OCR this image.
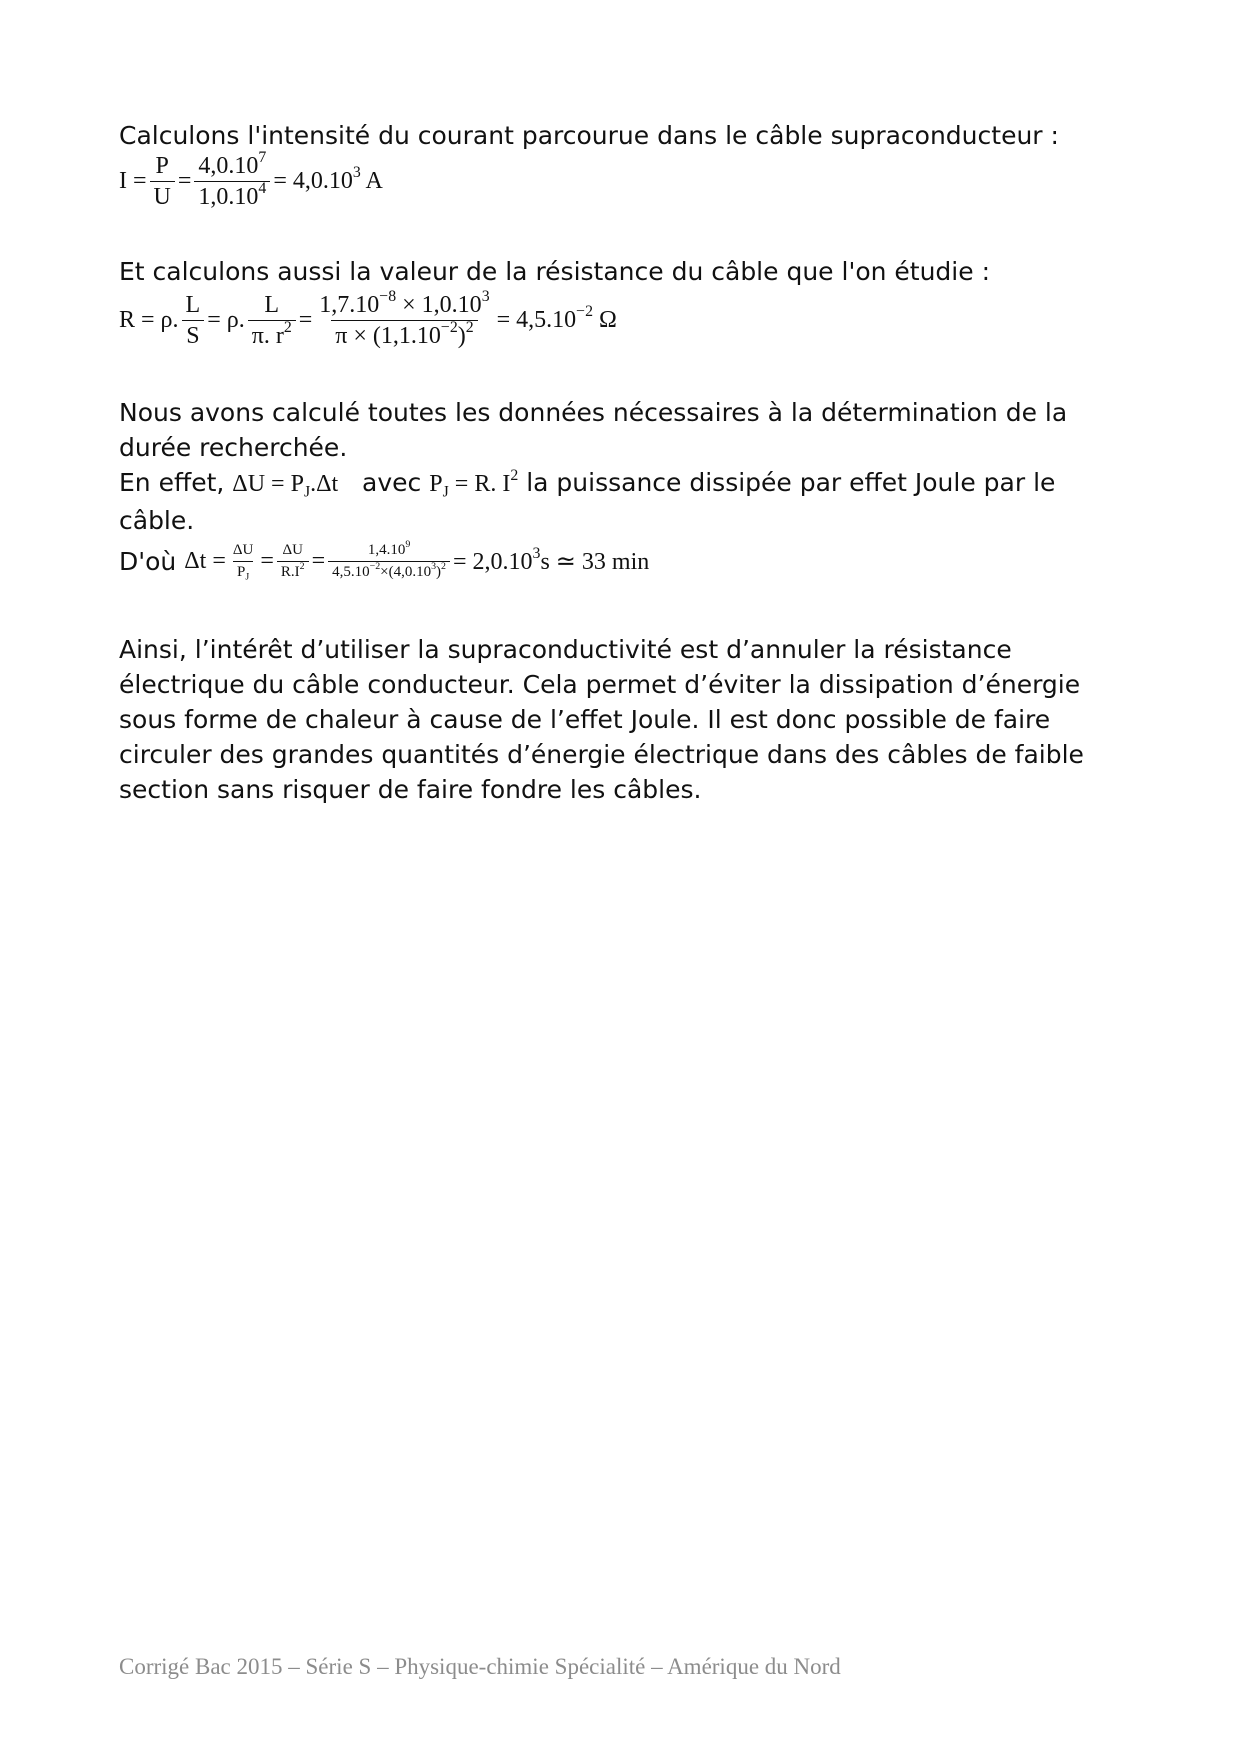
Calculons l'intensité du courant parcourue dans le câble supraconducteur :
$I = \frac{P}{U} = \frac{4,0.10^7}{1,0.10^4} = 4,0.10^3$ A
Et calculons aussi la valeur de la résistance du câble que l'on étudie :
R = ρ. $\frac{L}{S} = \rho$. $\frac{L}{\pi. r^2} = \frac{1,7.10^{-8} \times 1,0.10^3}{\pi \times (1,1.10^{-2})^2} = 4,5.10^{-2}$ Ω
Nous avons calculé toutes les données nécessaires à la détermination de la
durée recherchée.
En effet, $\Delta U = P_J.\Delta t$   avec $P_J = R$. $I^2$ la puissance dissipée par effet Joule par le
câble.
D'où $\Delta t = \frac{\Delta U}{P_J} = \frac{\Delta U}{R.I^2} = \frac{1,4.10^9}{4,5.10^{-2}\times(4,0.10^3)^2} = 2,0.10^3s$ ≃ 33 min
Ainsi, l’intérêt d’utiliser la supraconductivité est d’annuler la résistance
électrique du câble conducteur. Cela permet d’éviter la dissipation d’énergie
sous forme de chaleur à cause de l’effet Joule. Il est donc possible de faire
circuler des grandes quantités d’énergie électrique dans des câbles de faible
section sans risquer de faire fondre les câbles.
Corrigé Bac 2015 – Série S – Physique-chimie Spécialité – Amérique du Nord
